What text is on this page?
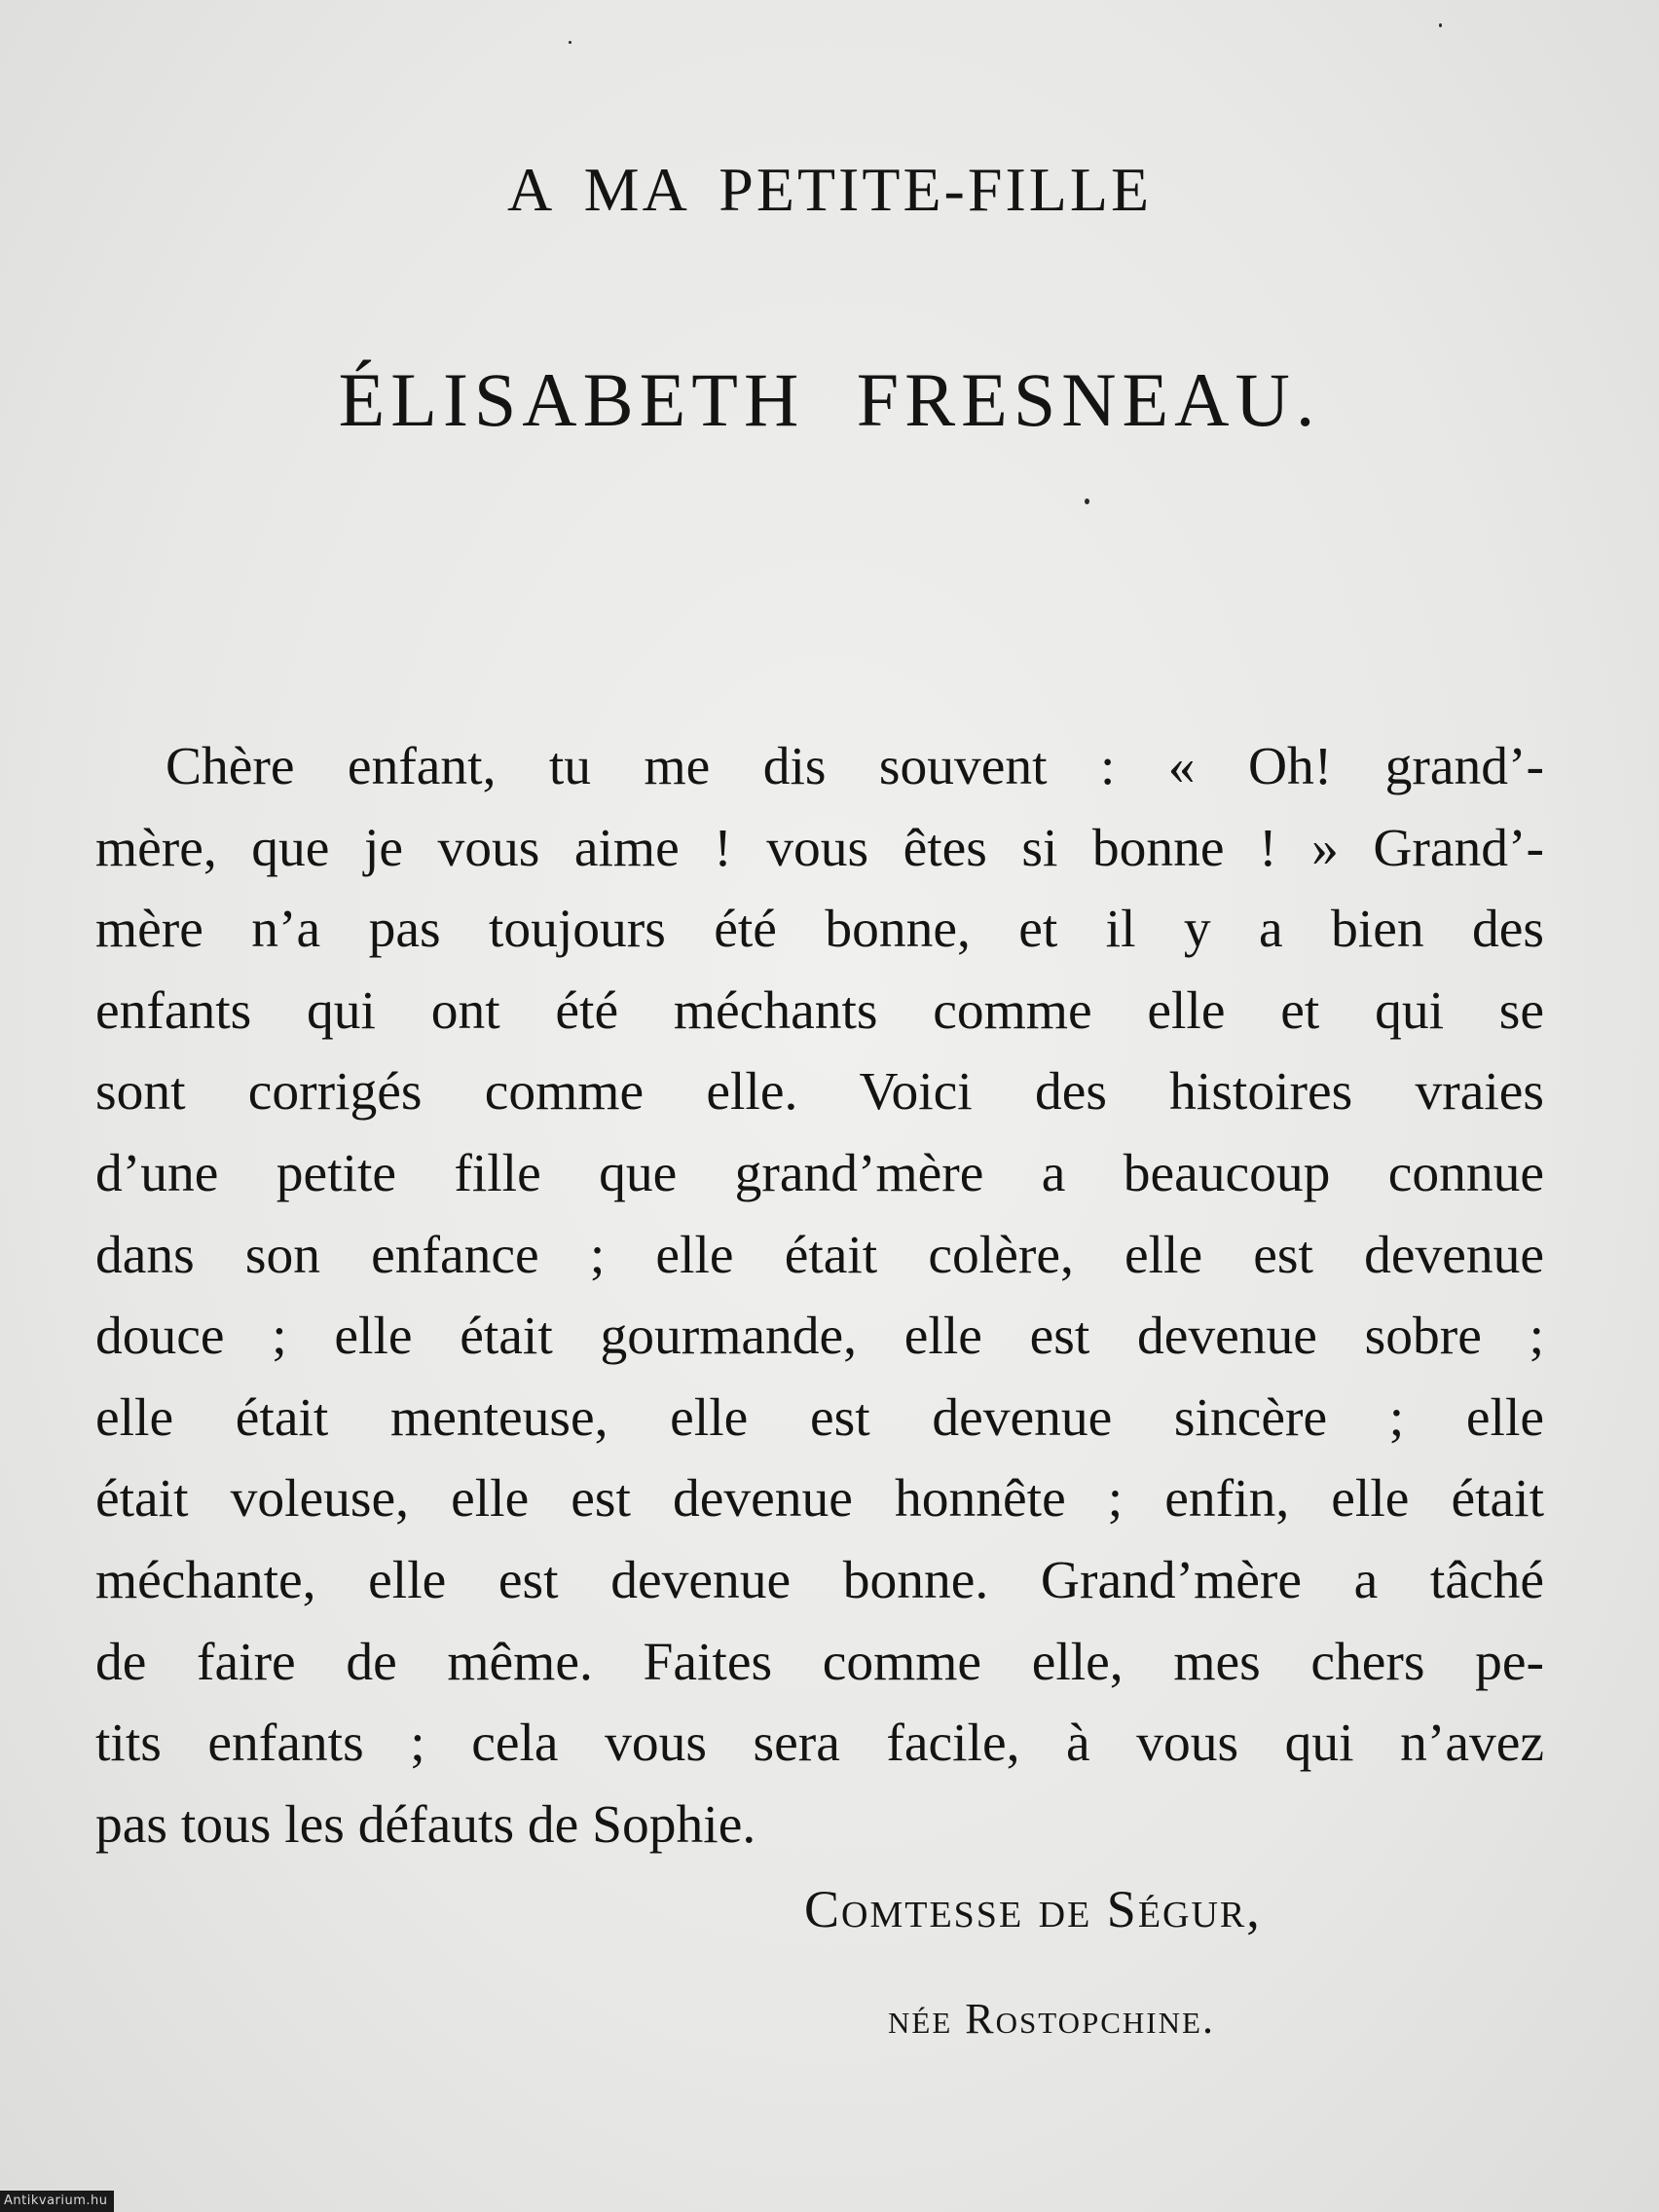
A MA PETITE-FILLE
ÉLISABETH FRESNEAU.
Chère enfant, tu me dis souvent : « Oh! grand’-
mère, que je vous aime ! vous êtes si bonne ! » Grand’-
mère n’a pas toujours été bonne, et il y a bien des
enfants qui ont été méchants comme elle et qui se
sont corrigés comme elle. Voici des histoires vraies
d’une petite fille que grand’mère a beaucoup connue
dans son enfance ; elle était colère, elle est devenue
douce ; elle était gourmande, elle est devenue sobre ;
elle était menteuse, elle est devenue sincère ; elle
était voleuse, elle est devenue honnête ; enfin, elle était
méchante, elle est devenue bonne. Grand’mère a tâché
de faire de même. Faites comme elle, mes chers pe-
tits enfants ; cela vous sera facile, à vous qui n’avez
pas tous les défauts de Sophie.
Comtesse de Ségur,
née Rostopchine.
Antikvarium.hu
